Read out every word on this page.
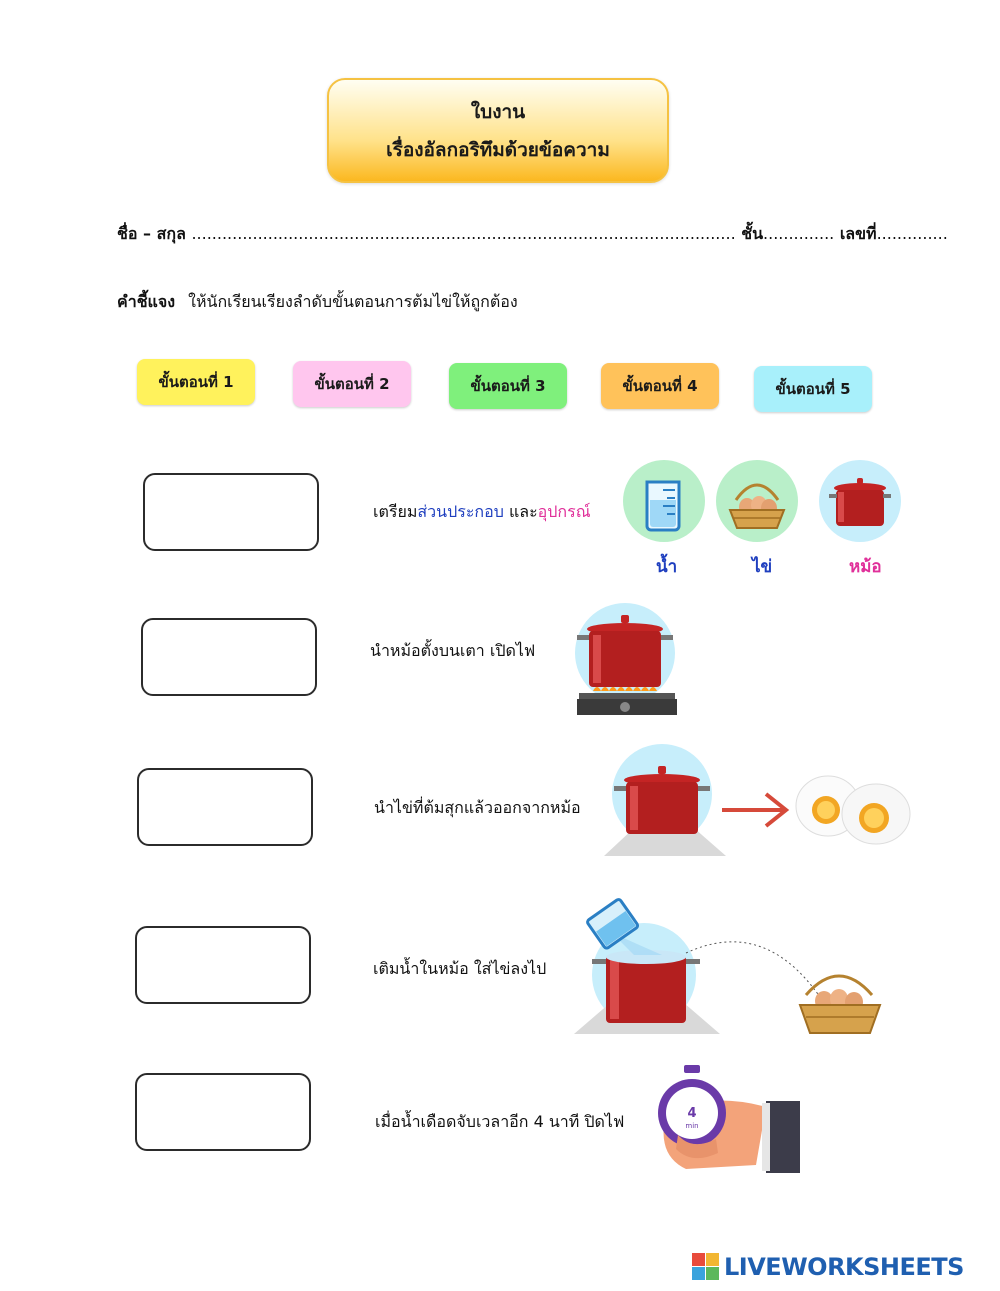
ใบงาน
เรื่องอัลกอริทึมด้วยข้อความ
ชื่อ – สกุล ........................................................................................................... ชั้น.............. เลขที่..............
คำชี้แจง ให้นักเรียนเรียงลำดับขั้นตอนการต้มไข่ให้ถูกต้อง
ขั้นตอนที่ 1	ขั้นตอนที่ 2	ขั้นตอนที่ 3	ขั้นตอนที่ 4	ขั้นตอนที่ 5
เตรียมส่วนประกอบ และอุปกรณ์
น้ำ	ไข่	หม้อ
นำหม้อตั้งบนเตา เปิดไฟ
นำไข่ที่ต้มสุกแล้วออกจากหม้อ
เติมน้ำในหม้อ ใส่ไข่ลงไป
เมื่อน้ำเดือดจับเวลาอีก 4 นาที ปิดไฟ	4
min
LIVEWORKSHEETS
